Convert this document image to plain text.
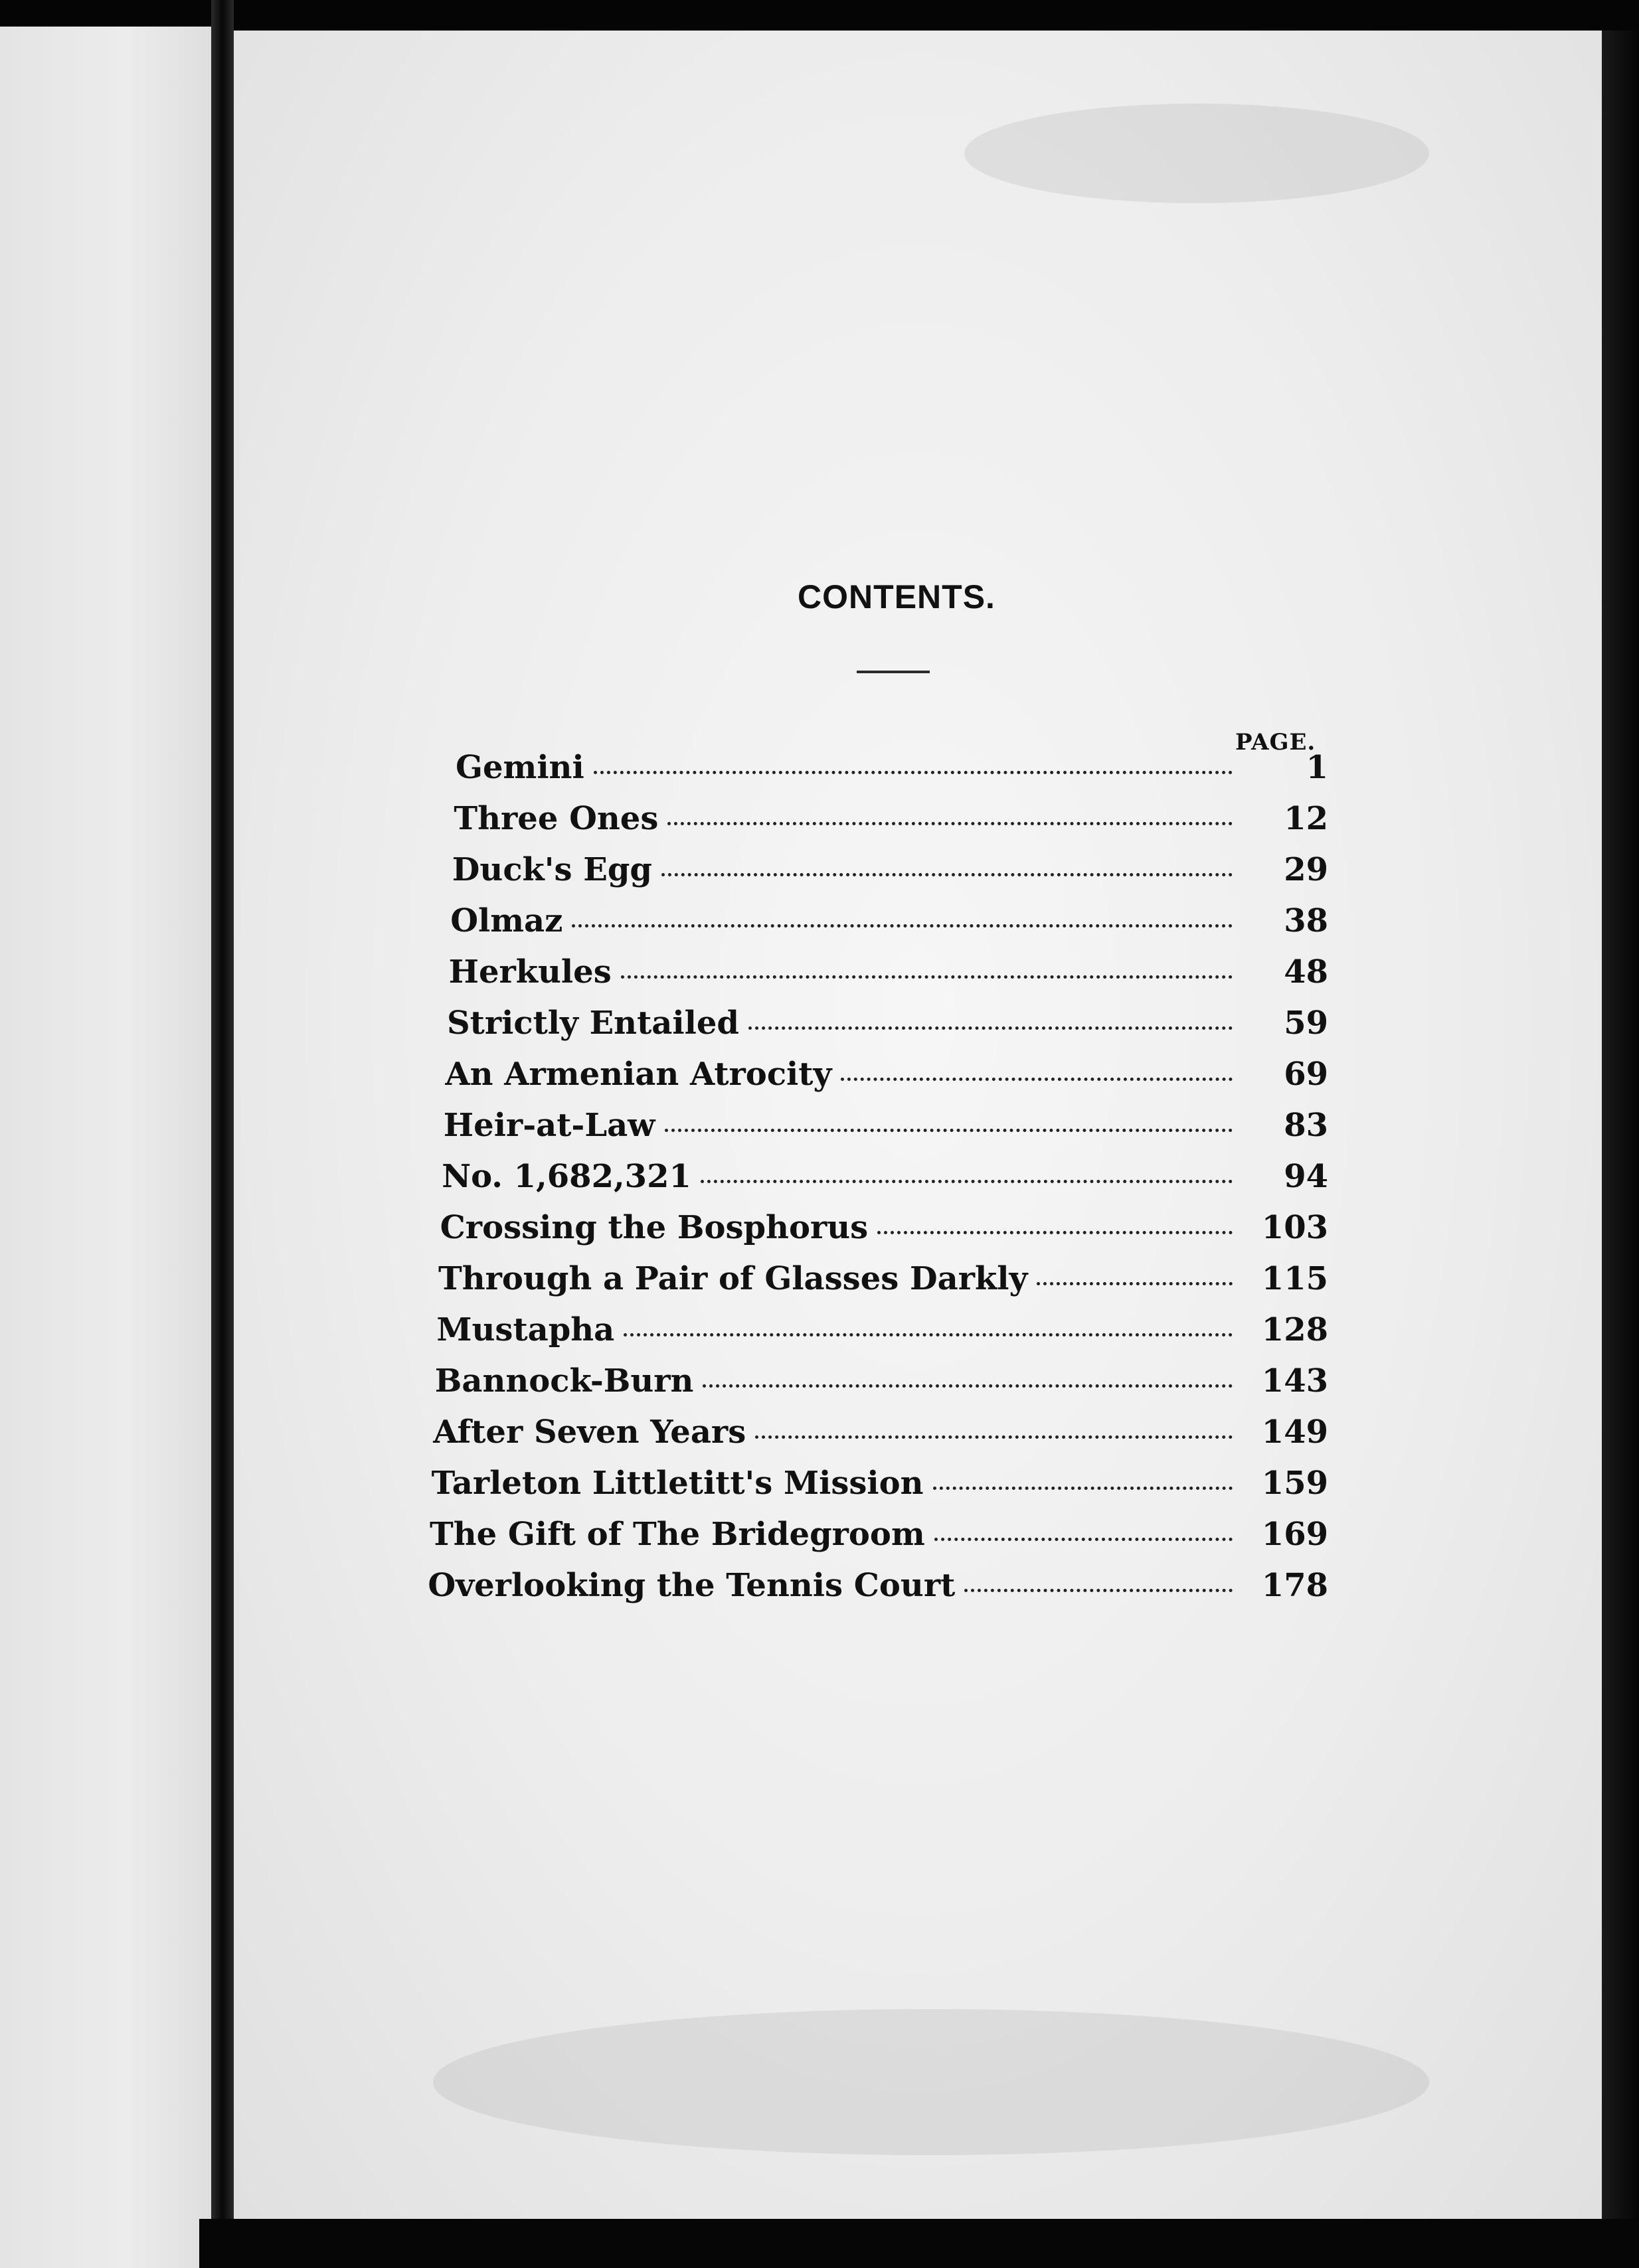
CONTENTS.
PAGE.
Gemini	1
Three Ones	12
Duck's Egg	29
Olmaz	38
Herkules	48
Strictly Entailed	59
An Armenian Atrocity	69
Heir-at-Law	83
No. 1,682,321	94
Crossing the Bosphorus	103
Through a Pair of Glasses Darkly	115
Mustapha	128
Bannock-Burn	143
After Seven Years	149
Tarleton Littletitt's Mission	159
The Gift of The Bridegroom	169
Overlooking the Tennis Court	178
